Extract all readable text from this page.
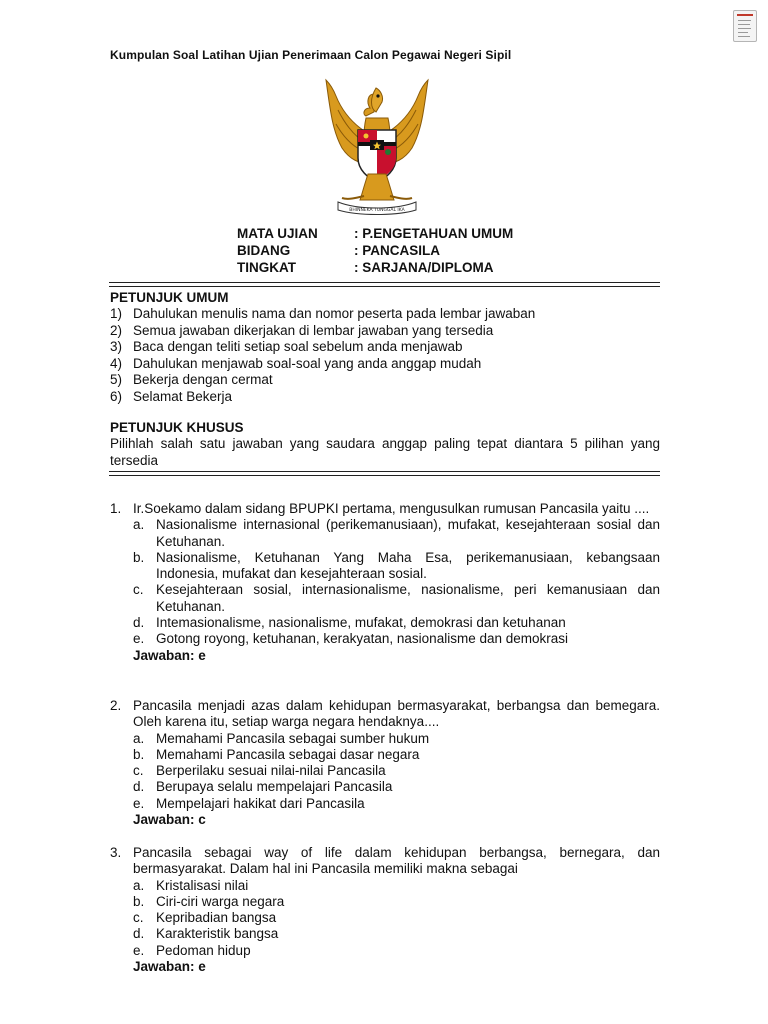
Kumpulan Soal Latihan Ujian Penerimaan Calon Pegawai Negeri Sipil
BHINNEKA TUNGGAL IKA
MATA UJIAN	: P.ENGETAHUAN UMUM
BIDANG	: PANCASILA
TINGKAT	: SARJANA/DIPLOMA
PETUNJUK UMUM
1) Dahulukan menulis nama dan nomor peserta pada lembar jawaban
2) Semua jawaban dikerjakan di lembar jawaban yang tersedia
3) Baca dengan teliti setiap soal sebelum anda menjawab
4) Dahulukan menjawab soal-soal yang anda anggap mudah
5) Bekerja dengan cermat
6) Selamat Bekerja
PETUNJUK KHUSUS
Pilihlah salah satu jawaban yang saudara anggap paling tepat diantara 5 pilihan yang tersedia
1. Ir.Soekamo dalam sidang BPUPKI pertama, mengusulkan rumusan Pancasila yaitu ....
a. Nasionalisme internasional (perikemanusiaan), mufakat, kesejahteraan sosial dan Ketuhanan.
b. Nasionalisme, Ketuhanan Yang Maha Esa, perikemanusiaan, kebangsaan Indonesia, mufakat dan kesejahteraan sosial.
c. Kesejahteraan sosial, internasionalisme, nasionalisme, peri kemanusiaan dan Ketuhanan.
d. Intemasionalisme, nasionalisme, mufakat, demokrasi dan ketuhanan
e. Gotong royong, ketuhanan, kerakyatan, nasionalisme dan demokrasi
Jawaban: e
2. Pancasila menjadi azas dalam kehidupan bermasyarakat, berbangsa dan bemegara. Oleh karena itu, setiap warga negara hendaknya....
a. Memahami Pancasila sebagai sumber hukum
b. Memahami Pancasila sebagai dasar negara
c. Berperilaku sesuai nilai-nilai Pancasila
d. Berupaya selalu mempelajari Pancasila
e. Mempelajari hakikat dari Pancasila
Jawaban: c
3. Pancasila sebagai way of life dalam kehidupan berbangsa, bernegara, dan bermasyarakat. Dalam hal ini Pancasila memiliki makna sebagai
a. Kristalisasi nilai
b. Ciri-ciri warga negara
c. Kepribadian bangsa
d. Karakteristik bangsa
e. Pedoman hidup
Jawaban: e
